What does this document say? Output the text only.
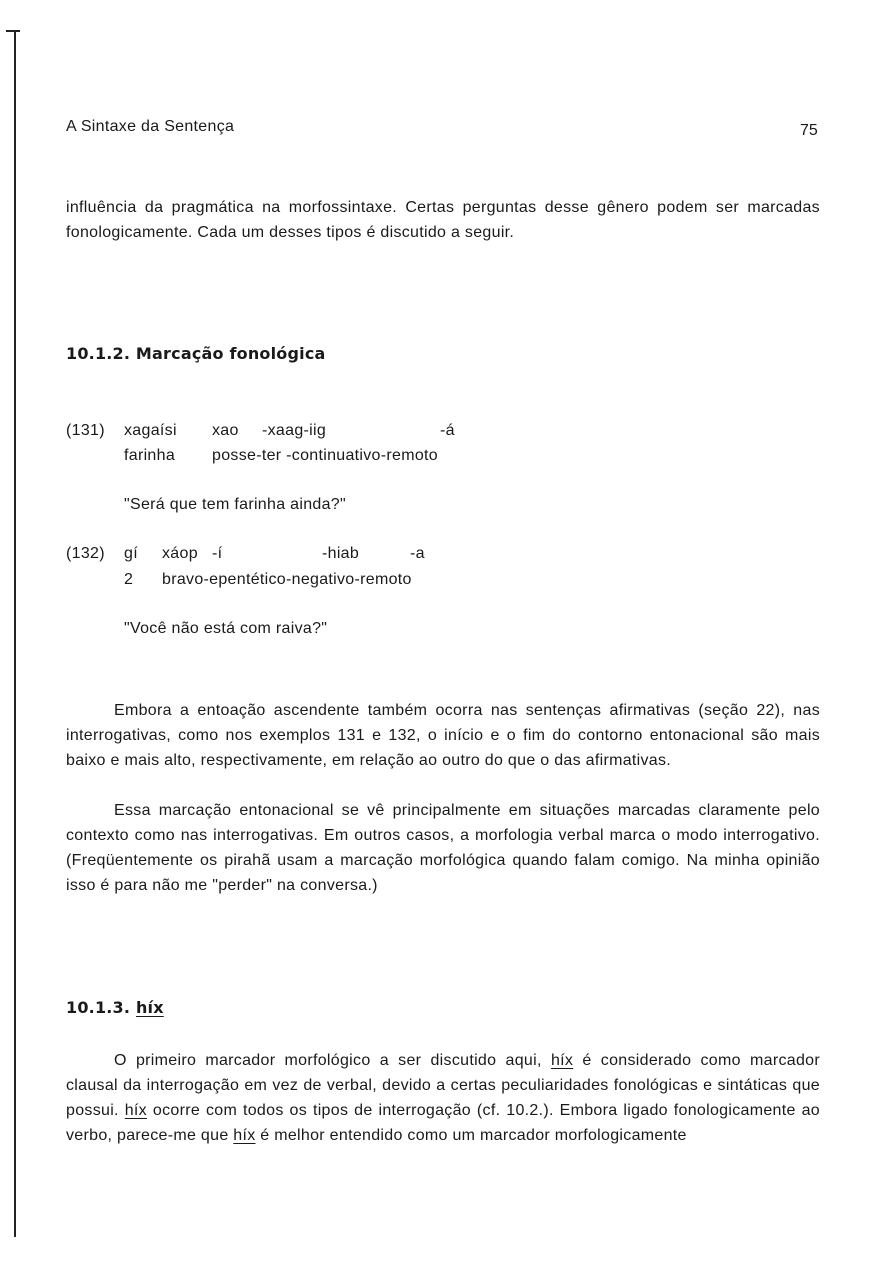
A Sintaxe da Sentença	75
influência da pragmática na morfossintaxe. Certas perguntas desse gênero podem ser marcadas fonologicamente. Cada um desses tipos é discutido a seguir.
10.1.2. Marcação fonológica
(131) xagaísi xao -xaag-iig	-á
farinha posse-ter -continuativo-remoto
"Será que tem farinha ainda?"
(132) gí xáop -í	-hiab	-a
2 bravo-epentético-negativo-remoto
"Você não está com raiva?"
Embora a entoação ascendente também ocorra nas sentenças afirmativas (seção 22), nas interrogativas, como nos exemplos 131 e 132, o início e o fim do contorno entonacional são mais baixo e mais alto, respectivamente, em relação ao outro do que o das afirmativas.
Essa marcação entonacional se vê principalmente em situações marcadas claramente pelo contexto como nas interrogativas. Em outros casos, a morfologia verbal marca o modo interrogativo. (Freqüentemente os pirahã usam a marcação morfológica quando falam comigo. Na minha opinião isso é para não me "perder" na conversa.)
10.1.3. híx
O primeiro marcador morfológico a ser discutido aqui, híx é considerado como marcador clausal da interrogação em vez de verbal, devido a certas peculiaridades fonológicas e sintáticas que possui. híx ocorre com todos os tipos de interrogação (cf. 10.2.). Embora ligado fonologicamente ao verbo, parece-me que híx é melhor entendido como um marcador morfologicamente
